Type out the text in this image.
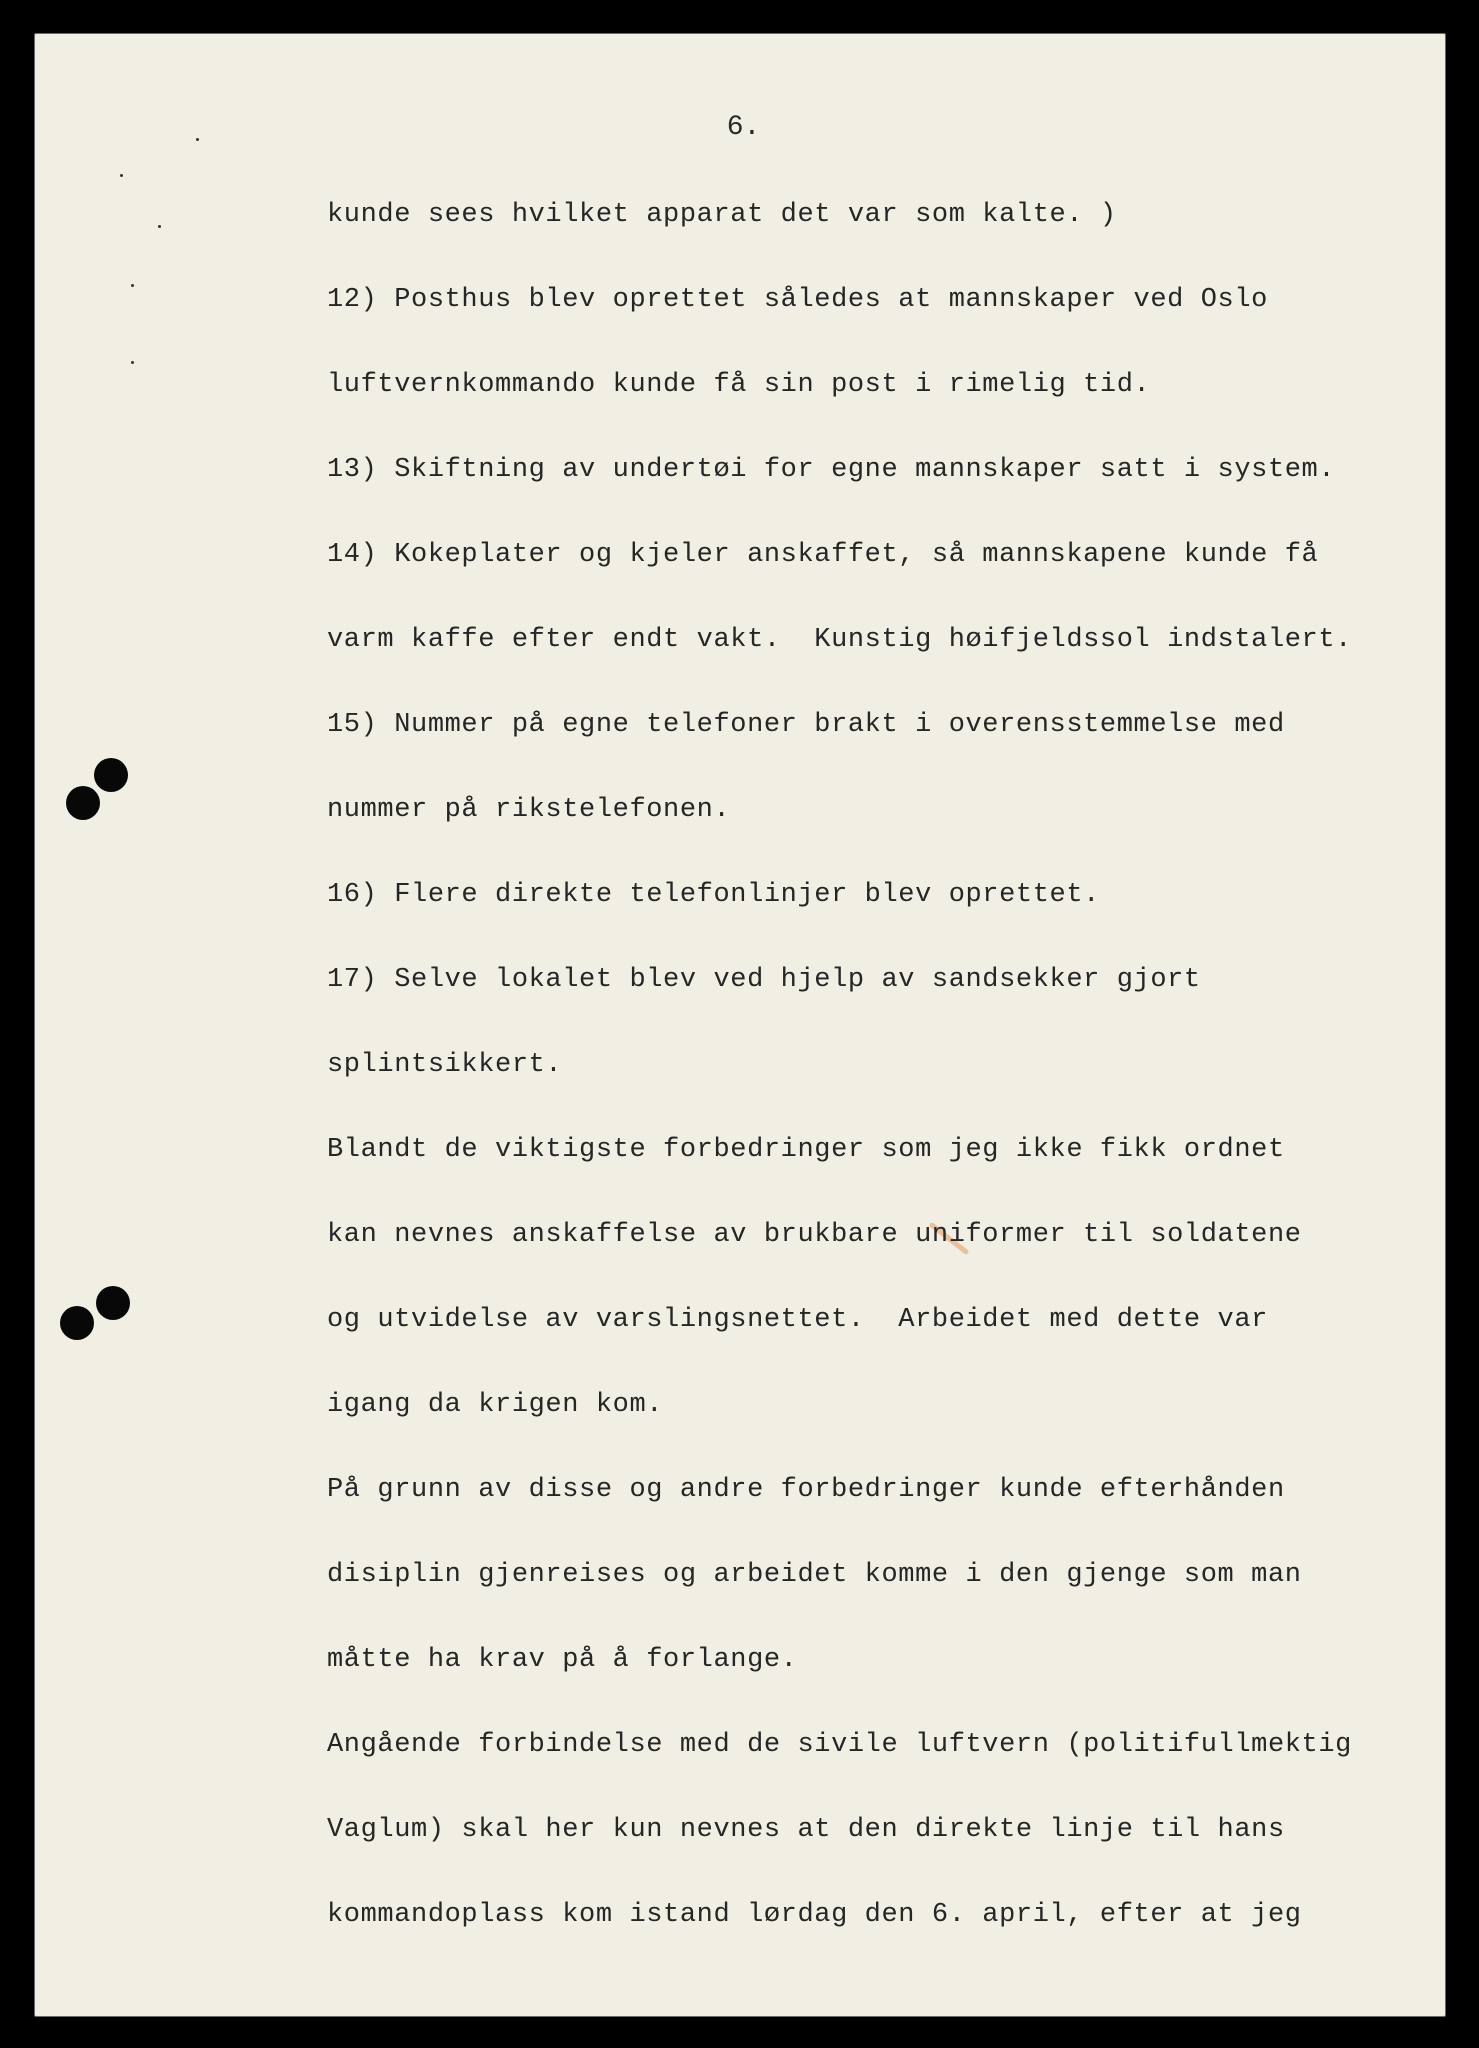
6.
kunde sees hvilket apparat det var som kalte. )
12) Posthus blev oprettet således at mannskaper ved Oslo
luftvernkommando kunde få sin post i rimelig tid.
13) Skiftning av undertøi for egne mannskaper satt i system.
14) Kokeplater og kjeler anskaffet, så mannskapene kunde få
varm kaffe efter endt vakt.  Kunstig høifjeldssol indstalert.
15) Nummer på egne telefoner brakt i overensstemmelse med
nummer på rikstelefonen.
16) Flere direkte telefonlinjer blev oprettet.
17) Selve lokalet blev ved hjelp av sandsekker gjort
splintsikkert.
Blandt de viktigste forbedringer som jeg ikke fikk ordnet
kan nevnes anskaffelse av brukbare uniformer til soldatene
og utvidelse av varslingsnettet.  Arbeidet med dette var
igang da krigen kom.
På grunn av disse og andre forbedringer kunde efterhånden
disiplin gjenreises og arbeidet komme i den gjenge som man
måtte ha krav på å forlange.
Angående forbindelse med de sivile luftvern (politifullmektig
Vaglum) skal her kun nevnes at den direkte linje til hans
kommandoplass kom istand lørdag den 6. april, efter at jeg
